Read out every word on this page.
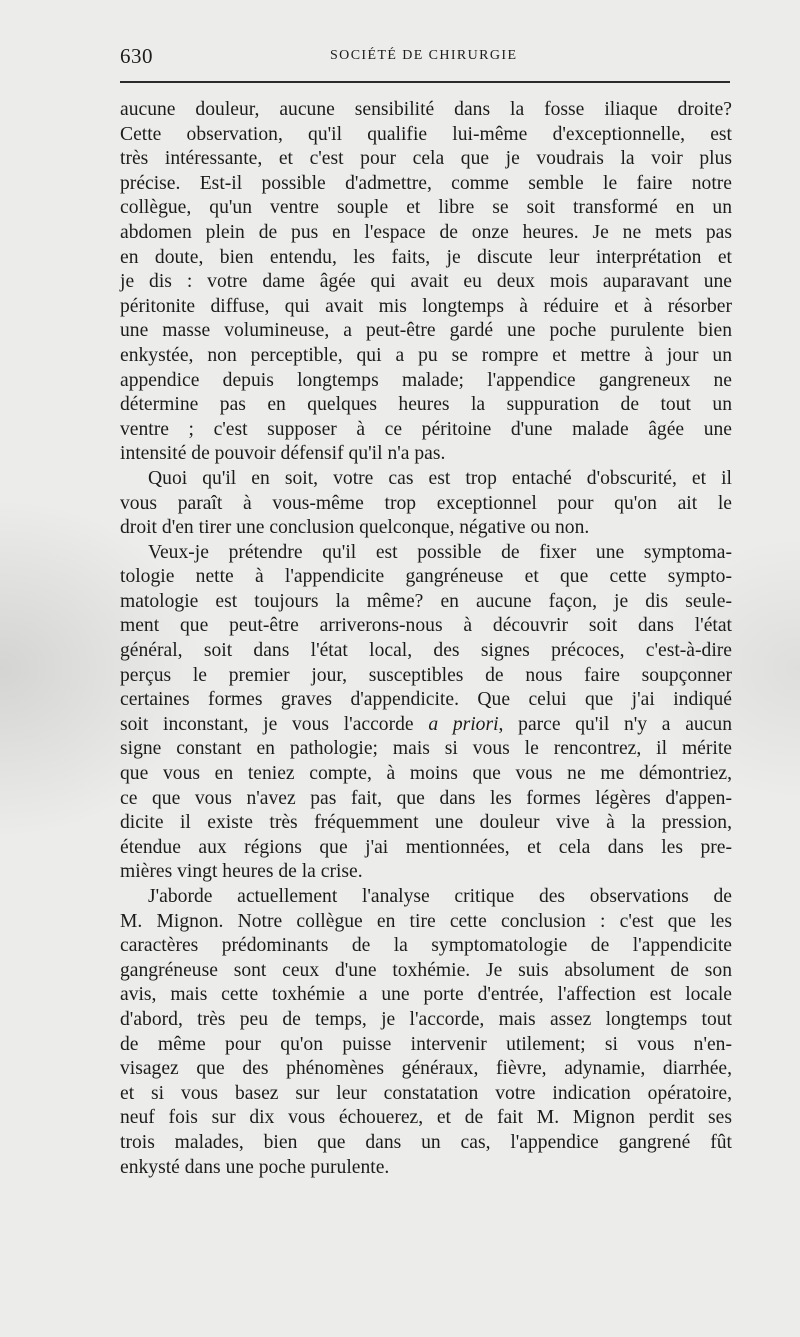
630	SOCIÉTÉ DE CHIRURGIE
aucune douleur, aucune sensibilité dans la fosse iliaque droite?
Cette observation, qu'il qualifie lui-même d'exceptionnelle, est
très intéressante, et c'est pour cela que je voudrais la voir plus
précise. Est-il possible d'admettre, comme semble le faire notre
collègue, qu'un ventre souple et libre se soit transformé en un
abdomen plein de pus en l'espace de onze heures. Je ne mets pas
en doute, bien entendu, les faits, je discute leur interprétation et
je dis : votre dame âgée qui avait eu deux mois auparavant une
péritonite diffuse, qui avait mis longtemps à réduire et à résorber
une masse volumineuse, a peut-être gardé une poche purulente bien
enkystée, non perceptible, qui a pu se rompre et mettre à jour un
appendice depuis longtemps malade; l'appendice gangreneux ne
détermine pas en quelques heures la suppuration de tout un
ventre ; c'est supposer à ce péritoine d'une malade âgée une
intensité de pouvoir défensif qu'il n'a pas.
Quoi qu'il en soit, votre cas est trop entaché d'obscurité, et il
vous paraît à vous-même trop exceptionnel pour qu'on ait le
droit d'en tirer une conclusion quelconque, négative ou non.
Veux-je prétendre qu'il est possible de fixer une symptoma-
tologie nette à l'appendicite gangréneuse et que cette sympto-
matologie est toujours la même? en aucune façon, je dis seule-
ment que peut-être arriverons-nous à découvrir soit dans l'état
général, soit dans l'état local, des signes précoces, c'est-à-dire
perçus le premier jour, susceptibles de nous faire soupçonner
certaines formes graves d'appendicite. Que celui que j'ai indiqué
soit inconstant, je vous l'accorde a priori, parce qu'il n'y a aucun
signe constant en pathologie; mais si vous le rencontrez, il mérite
que vous en teniez compte, à moins que vous ne me démontriez,
ce que vous n'avez pas fait, que dans les formes légères d'appen-
dicite il existe très fréquemment une douleur vive à la pression,
étendue aux régions que j'ai mentionnées, et cela dans les pre-
mières vingt heures de la crise.
J'aborde actuellement l'analyse critique des observations de
M. Mignon. Notre collègue en tire cette conclusion : c'est que les
caractères prédominants de la symptomatologie de l'appendicite
gangréneuse sont ceux d'une toxhémie. Je suis absolument de son
avis, mais cette toxhémie a une porte d'entrée, l'affection est locale
d'abord, très peu de temps, je l'accorde, mais assez longtemps tout
de même pour qu'on puisse intervenir utilement; si vous n'en-
visagez que des phénomènes généraux, fièvre, adynamie, diarrhée,
et si vous basez sur leur constatation votre indication opératoire,
neuf fois sur dix vous échouerez, et de fait M. Mignon perdit ses
trois malades, bien que dans un cas, l'appendice gangrené fût
enkysté dans une poche purulente.
